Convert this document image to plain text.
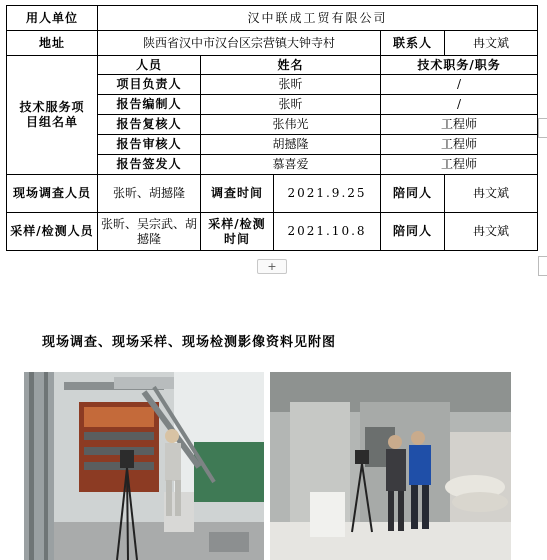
用人单位	汉中联成工贸有限公司				
地址	陕西省汉中市汉台区宗营镇大钟寺村			联系人	冉文斌
技术服务项目组名单	人员	姓名		技术职务/职务	
	项目负责人	张昕		/	
	报告编制人	张昕		/	
	报告复核人	张伟光		工程师	
	报告审核人	胡撼隆		工程师	
	报告签发人	慕喜爱		工程师	
现场调查人员	张昕、胡撼隆	调查时间	2021.9.25	陪同人	冉文斌
采样/检测人员	张昕、吴宗武、胡撼隆	采样/检测时间	2021.10.8	陪同人	冉文斌
+
现场调查、现场采样、现场检测影像资料见附图
